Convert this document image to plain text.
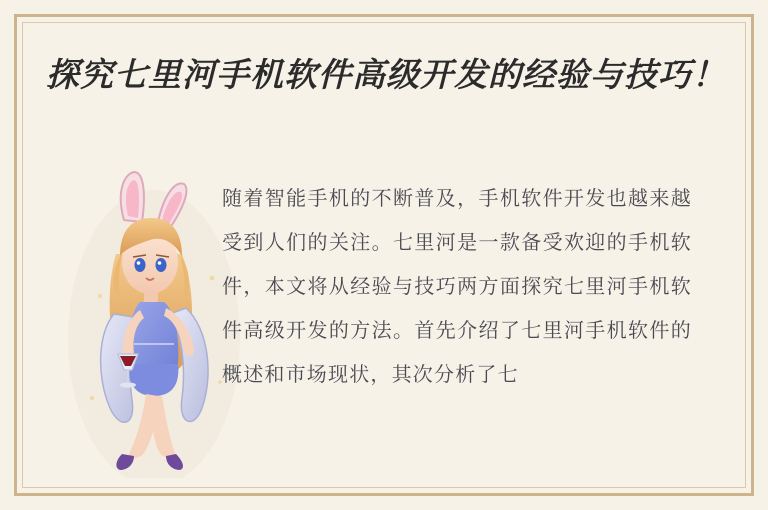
探究七里河手机软件高级开发的经验与技巧！
随着智能手机的不断普及，手机软件开发也越来越受到人们的关注。七里河是一款备受欢迎的手机软件，本文将从经验与技巧两方面探究七里河手机软件高级开发的方法。首先介绍了七里河手机软件的概述和市场现状，其次分析了七
